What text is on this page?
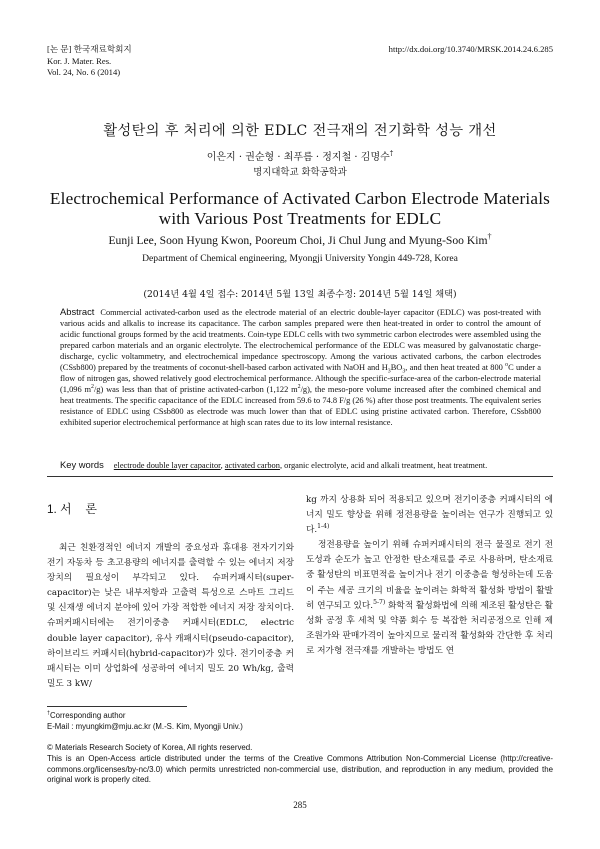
[논 문] 한국재료학회지
Kor. J. Mater. Res.
Vol. 24, No. 6 (2014)
http://dx.doi.org/10.3740/MRSK.2014.24.6.285
활성탄의 후 처리에 의한 EDLC 전극재의 전기화학 성능 개선
이은지 · 권순형 · 최푸름 · 정지철 · 김명수†
명지대학교 화학공학과
Electrochemical Performance of Activated Carbon Electrode Materials
with Various Post Treatments for EDLC
Eunji Lee, Soon Hyung Kwon, Pooreum Choi, Ji Chul Jung and Myung-Soo Kim†
Department of Chemical engineering, Myongji University Yongin 449-728, Korea
(2014년 4월 4일 접수: 2014년 5월 13일 최종수정: 2014년 5월 14일 채택)
Abstract Commercial activated-carbon used as the electrode material of an electric double-layer capacitor (EDLC) was post-treated with various acids and alkalis to increase its capacitance. The carbon samples prepared were then heat-treated in order to control the amount of acidic functional groups formed by the acid treatments. Coin-type EDLC cells with two symmetric carbon electrodes were assembled using the prepared carbon materials and an organic electrolyte. The electrochemical performance of the EDLC was measured by galvanostatic charge-discharge, cyclic voltammetry, and electrochemical impedance spectroscopy. Among the various activated carbons, the carbon electrodes (CSsb800) prepared by the treatments of coconut-shell-based carbon activated with NaOH and $H_3BO_3$, and then heat treated at 800 $^o$C under a flow of nitrogen gas, showed relatively good electrochemical performance. Although the specific-surface-area of the carbon-electrode material (1,096 $m^2/g$) was less than that of pristine activated-carbon (1,122 $m^2/g$), the meso-pore volume increased after the combined chemical and heat treatments. The specific capacitance of the EDLC increased from 59.6 to 74.8 F/g (26 %) after those post treatments. The equivalent series resistance of EDLC using CSsb800 as electrode was much lower than that of EDLC using pristine activated carbon. Therefore, CSsb800 exhibited superior electrochemical performance at high scan rates due to its low internal resistance.
Key words electrode double layer capacitor, activated carbon, organic electrolyte, acid and alkali treatment, heat treatment.
1. 서 론
최근 친환경적인 에너지 개발의 중요성과 휴대용 전자기기와 전기 자동차 등 초고용량의 에너지를 출력할 수 있는 에너지 저장 장치의 필요성이 부각되고 있다. 슈퍼커패시터(super-capacitor)는 낮은 내부저항과 고출력 특성으로 스마트 그리드 및 신재생 에너지 분야에 있어 가장 적합한 에너지 저장 장치이다. 슈퍼커패시터에는 전기이중층 커패시터(EDLC, electric double layer capacitor), 유사 캐패시터(pseudo-capacitor), 하이브리드 커패시터(hybrid-capacitor)가 있다. 전기이중층 커패시터는 이미 상업화에 성공하여 에너지 밀도 20 Wh/kg, 출력밀도 3 kW/
kg 까지 상용화 되어 적용되고 있으며 전기이중층 커패시터의 에너지 밀도 향상을 위해 정전용량을 높이려는 연구가 진행되고 있다.$^{1-4)}$
정전용량을 높이기 위해 슈퍼커패시터의 전극 물질로 전기 전도성과 순도가 높고 안정한 탄소재료를 주로 사용하며, 탄소재료 중 활성탄의 비표면적을 높이거나 전기 이중층을 형성하는데 도움이 주는 세공 크기의 비율을 높이려는 화학적 활성화 방법이 활발히 연구되고 있다.$^{5-7)}$ 화학적 활성화법에 의해 제조된 활성탄은 활성화 공정 후 세척 및 약품 회수 등 복잡한 처리공정으로 인해 제조원가와 판매가격이 높아지므로 물리적 활성화와 간단한 후 처리로 저가형 전극재를 개발하는 방법도 연
†Corresponding author
E-Mail : myungkim@mju.ac.kr (M.-S. Kim, Myongji Univ.)
© Materials Research Society of Korea, All rights reserved.
This is an Open-Access article distributed under the terms of the Creative Commons Attribution Non-Commercial License (http://creative-commons.org/licenses/by-nc/3.0) which permits unrestricted non-commercial use, distribution, and reproduction in any medium, provided the original work is properly cited.
285
